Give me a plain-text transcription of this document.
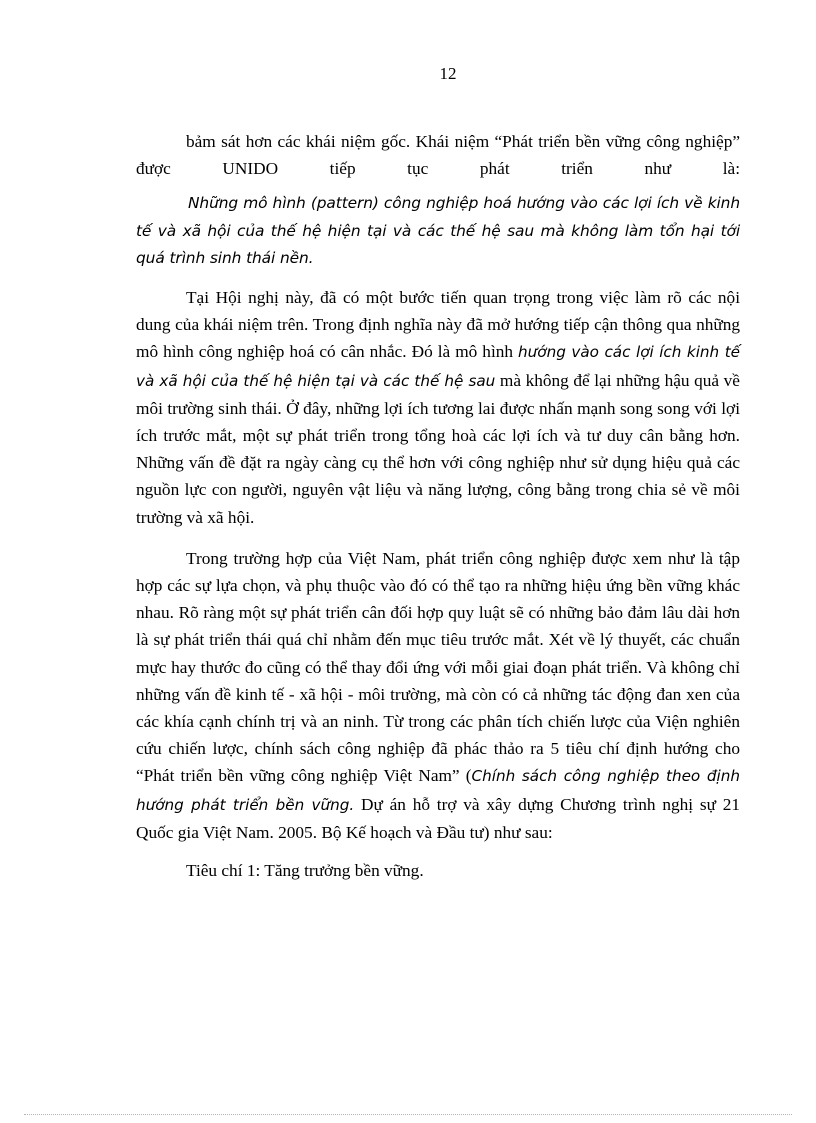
12

bảm sát hơn các khái niệm gốc. Khái niệm “Phát triển bền vững công nghiệp” được UNIDO tiếp tục phát triển như là:

Những mô hình (pattern) công nghiệp hoá hướng vào các lợi ích về kinh tế và xã hội của thế hệ hiện tại và các thế hệ sau mà không làm tổn hại tới quá trình sinh thái nền.

Tại Hội nghị này, đã có một bước tiến quan trọng trong việc làm rõ các nội dung của khái niệm trên. Trong định nghĩa này đã mở hướng tiếp cận thông qua những mô hình công nghiệp hoá có cân nhắc. Đó là mô hình hướng vào các lợi ích kinh tế và xã hội của thế hệ hiện tại và các thế hệ sau mà không để lại những hậu quả về môi trường sinh thái. Ở đây, những lợi ích tương lai được nhấn mạnh song song với lợi ích trước mắt, một sự phát triển trong tổng hoà các lợi ích và tư duy cân bằng hơn. Những vấn đề đặt ra ngày càng cụ thể hơn với công nghiệp như sử dụng hiệu quả các nguồn lực con người, nguyên vật liệu và năng lượng, công bằng trong chia sẻ về môi trường và xã hội.

Trong trường hợp của Việt Nam, phát triển công nghiệp được xem như là tập hợp các sự lựa chọn, và phụ thuộc vào đó có thể tạo ra những hiệu ứng bền vững khác nhau. Rõ ràng một sự phát triển cân đối hợp quy luật sẽ có những bảo đảm lâu dài hơn là sự phát triển thái quá chỉ nhằm đến mục tiêu trước mắt. Xét về lý thuyết, các chuẩn mực hay thước đo cũng có thể thay đổi ứng với mỗi giai đoạn phát triển. Và không chỉ những vấn đề kinh tế - xã hội - môi trường, mà còn có cả những tác động đan xen của các khía cạnh chính trị và an ninh. Từ trong các phân tích chiến lược của Viện nghiên cứu chiến lược, chính sách công nghiệp đã phác thảo ra 5 tiêu chí định hướng cho “Phát triển bền vững công nghiệp Việt Nam” (Chính sách công nghiệp theo định hướng phát triển bền vững. Dự án hỗ trợ và xây dựng Chương trình nghị sự 21 Quốc gia Việt Nam. 2005. Bộ Kế hoạch và Đầu tư) như sau:

Tiêu chí 1: Tăng trưởng bền vững.
